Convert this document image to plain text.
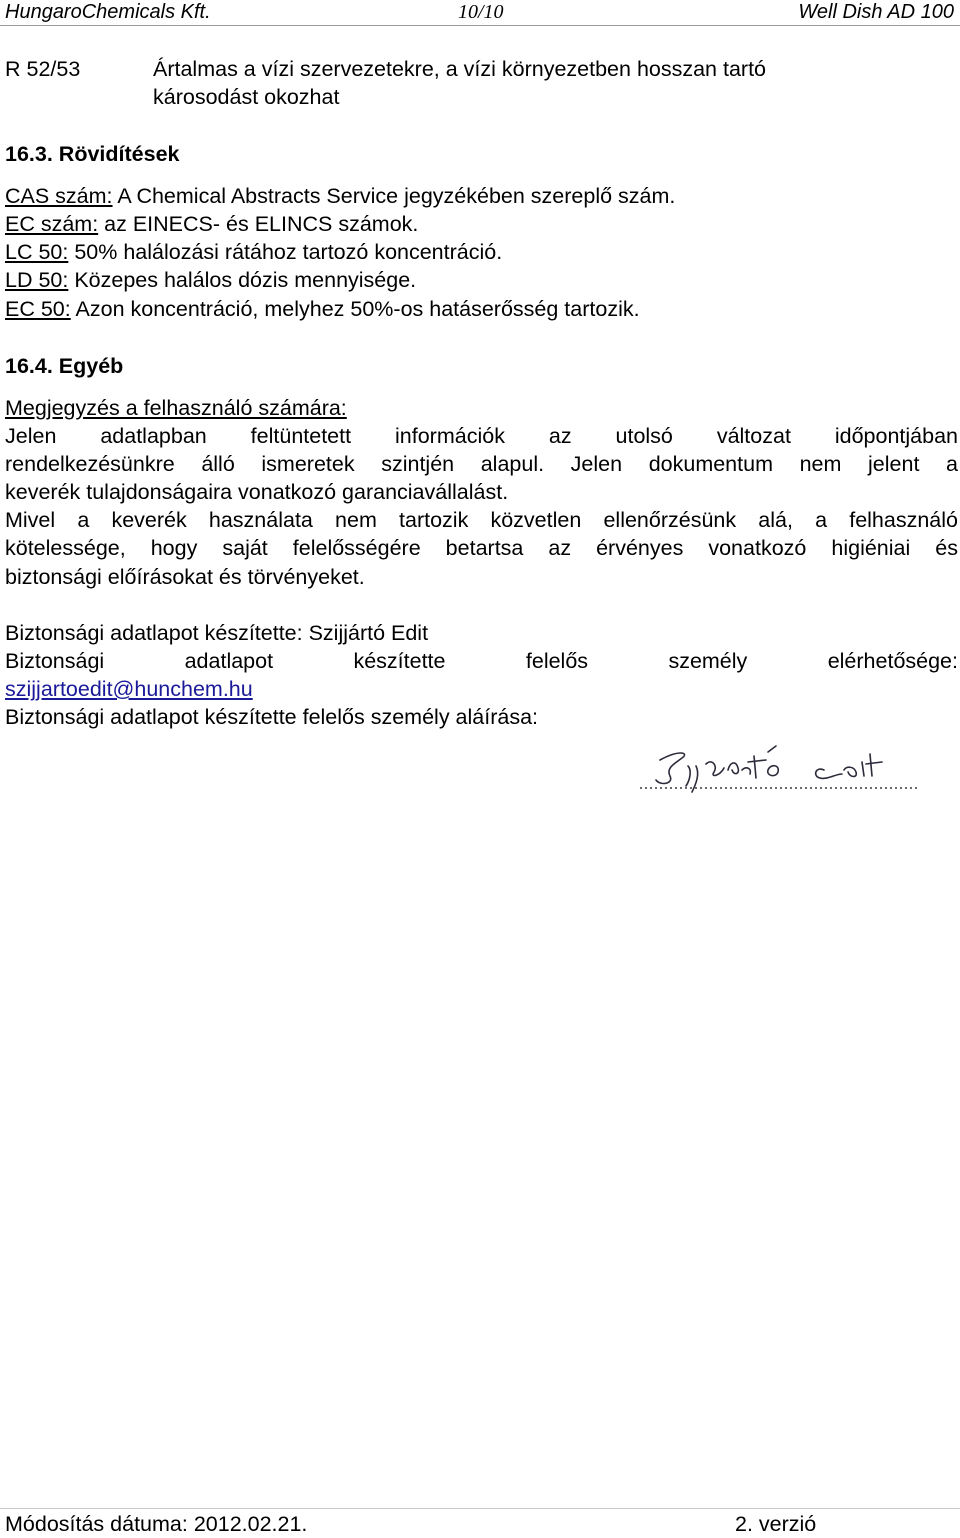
HungaroChemicals Kft.	10/10	Well Dish AD 100
R 52/53	Ártalmas a vízi szervezetekre, a vízi környezetben hosszan tartó
károsodást okozhat
16.3. Rövidítések
CAS szám: A Chemical Abstracts Service jegyzékében szereplő szám.
EC szám: az EINECS- és ELINCS számok.
LC 50: 50% halálozási rátához tartozó koncentráció.
LD 50: Közepes halálos dózis mennyisége.
EC 50: Azon koncentráció, melyhez 50%-os hatáserősség tartozik.
16.4. Egyéb
Megjegyzés a felhasználó számára:
Jelen adatlapban feltüntetett információk az utolsó változat időpontjában
rendelkezésünkre álló ismeretek szintjén alapul. Jelen dokumentum nem jelent a
keverék tulajdonságaira vonatkozó garanciavállalást.
Mivel a keverék használata nem tartozik közvetlen ellenőrzésünk alá, a felhasználó
kötelessége, hogy saját felelősségére betartsa az érvényes vonatkozó higiéniai és
biztonsági előírásokat és törvényeket.
Biztonsági adatlapot készítette: Szijjártó Edit
Biztonsági adatlapot készítette felelős személy elérhetősége:
szijjartoedit@hunchem.hu
Biztonsági adatlapot készítette felelős személy aláírása:
Módosítás dátuma: 2012.02.21.	2. verzió
